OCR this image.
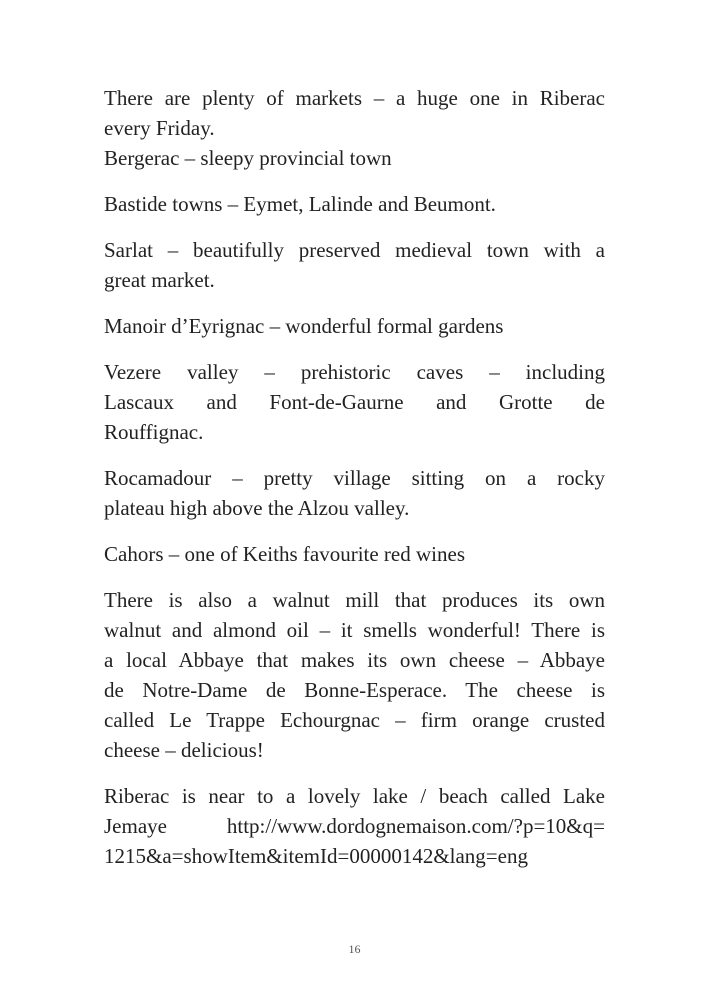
There are plenty of markets – a huge one in Riberac
every Friday.

Bergerac – sleepy provincial town

Bastide towns – Eymet, Lalinde and Beumont.

Sarlat – beautifully preserved medieval town with a
great market.

Manoir d’Eyrignac – wonderful formal gardens

Vezere valley – prehistoric caves – including
Lascaux and Font-de-Gaurne and Grotte de
Rouffignac.

Rocamadour – pretty village sitting on a rocky
plateau high above the Alzou valley.

Cahors – one of Keiths favourite red wines

There is also a walnut mill that produces its own
walnut and almond oil – it smells wonderful! There is
a local Abbaye that makes its own cheese – Abbaye
de Notre-Dame de Bonne-Esperace. The cheese is
called Le Trappe Echourgnac – firm orange crusted
cheese – delicious!

Riberac is near to a lovely lake / beach called Lake
Jemaye http://www.dordognemaison.com/?p=10&q=
1215&a=showItem&itemId=00000142&lang=eng

16
